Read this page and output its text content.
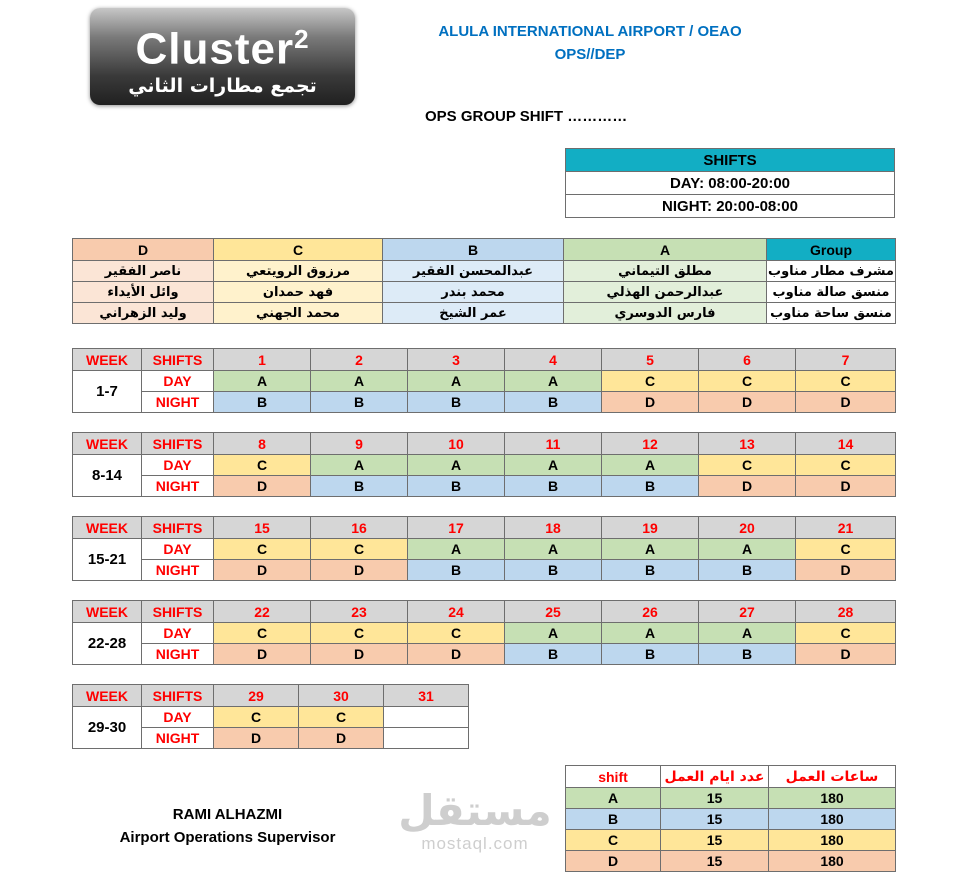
Cluster$^2$
تجمع مطارات الثاني
ALULA INTERNATIONAL AIRPORT / OEAO
OPS//DEP
OPS GROUP SHIFT …………
SHIFTS
DAY: 08:00-20:00
NIGHT: 20:00-08:00
D	C	B	A	Group
ناصر الفقير	مرزوق الرويتعي	عبدالمحسن الفقير	مطلق التيماني	مشرف مطار مناوب
وائل الأيداء	فهد حمدان	محمد بندر	عبدالرحمن الهذلي	منسق صالة مناوب
وليد الزهراني	محمد الجهني	عمر الشيخ	فارس الدوسري	منسق ساحة مناوب
shift	عدد ايام العمل	ساعات العمل
A	15	180
B	15	180
C	15	180
D	15	180
RAMI ALHAZMI
Airport Operations Supervisor
مستقل
mostaql.com
WEEK	SHIFTS	1	2	3	4	5	6	7
1-7	DAY	A	A	A	A	C	C	C
	NIGHT	B	B	B	B	D	D	D
WEEK	SHIFTS	8	9	10	11	12	13	14
8-14	DAY	C	A	A	A	A	C	C
	NIGHT	D	B	B	B	B	D	D
WEEK	SHIFTS	15	16	17	18	19	20	21
15-21	DAY	C	C	A	A	A	A	C
	NIGHT	D	D	B	B	B	B	D
WEEK	SHIFTS	22	23	24	25	26	27	28
22-28	DAY	C	C	C	A	A	A	C
	NIGHT	D	D	D	B	B	B	D
WEEK	SHIFTS	29	30	31
29-30	DAY	C	C	
	NIGHT	D	D	
